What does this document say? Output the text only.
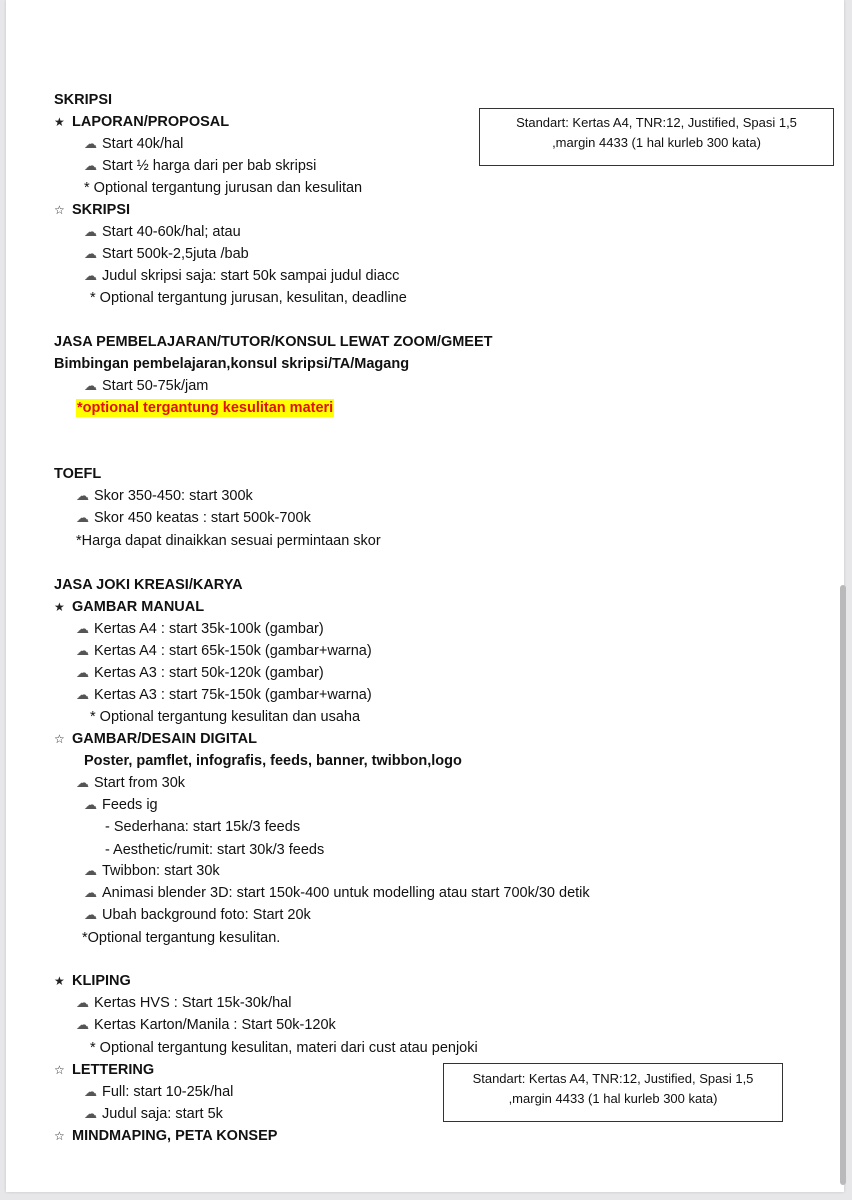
SKRIPSI
★ LAPORAN/PROPOSAL
☁ Start 40k/hal
☁ Start ½ harga dari per bab skripsi
* Optional tergantung jurusan dan kesulitan
☆ SKRIPSI
☁ Start 40-60k/hal; atau
☁ Start 500k-2,5juta /bab
☁ Judul skripsi saja: start 50k sampai judul diacc
* Optional tergantung jurusan, kesulitan, deadline
Standart: Kertas A4, TNR:12, Justified, Spasi 1,5
,margin 4433 (1 hal kurleb 300 kata)
JASA PEMBELAJARAN/TUTOR/KONSUL LEWAT ZOOM/GMEET
Bimbingan pembelajaran,konsul skripsi/TA/Magang
☁ Start 50-75k/jam
*optional tergantung kesulitan materi
TOEFL
☁ Skor 350-450: start 300k
☁ Skor 450 keatas : start 500k-700k
*Harga dapat dinaikkan sesuai permintaan skor
JASA JOKI KREASI/KARYA
★ GAMBAR MANUAL
☁ Kertas A4 : start 35k-100k (gambar)
☁ Kertas A4 : start 65k-150k (gambar+warna)
☁ Kertas A3 : start 50k-120k (gambar)
☁ Kertas A3 : start 75k-150k (gambar+warna)
* Optional tergantung kesulitan dan usaha
☆ GAMBAR/DESAIN DIGITAL
Poster, pamflet, infografis, feeds, banner, twibbon,logo
☁ Start from 30k
☁ Feeds ig
- Sederhana: start 15k/3 feeds
- Aesthetic/rumit: start 30k/3 feeds
☁ Twibbon: start 30k
☁ Animasi blender 3D: start 150k-400 untuk modelling atau start 700k/30 detik
☁ Ubah background foto: Start 20k
*Optional tergantung kesulitan.
★ KLIPING
☁ Kertas HVS : Start 15k-30k/hal
☁ Kertas Karton/Manila : Start 50k-120k
* Optional tergantung kesulitan, materi dari cust atau penjoki
☆ LETTERING
☁ Full: start 10-25k/hal
☁ Judul saja: start 5k
☆ MINDMAPING, PETA KONSEP
Standart: Kertas A4, TNR:12, Justified, Spasi 1,5
,margin 4433 (1 hal kurleb 300 kata)
